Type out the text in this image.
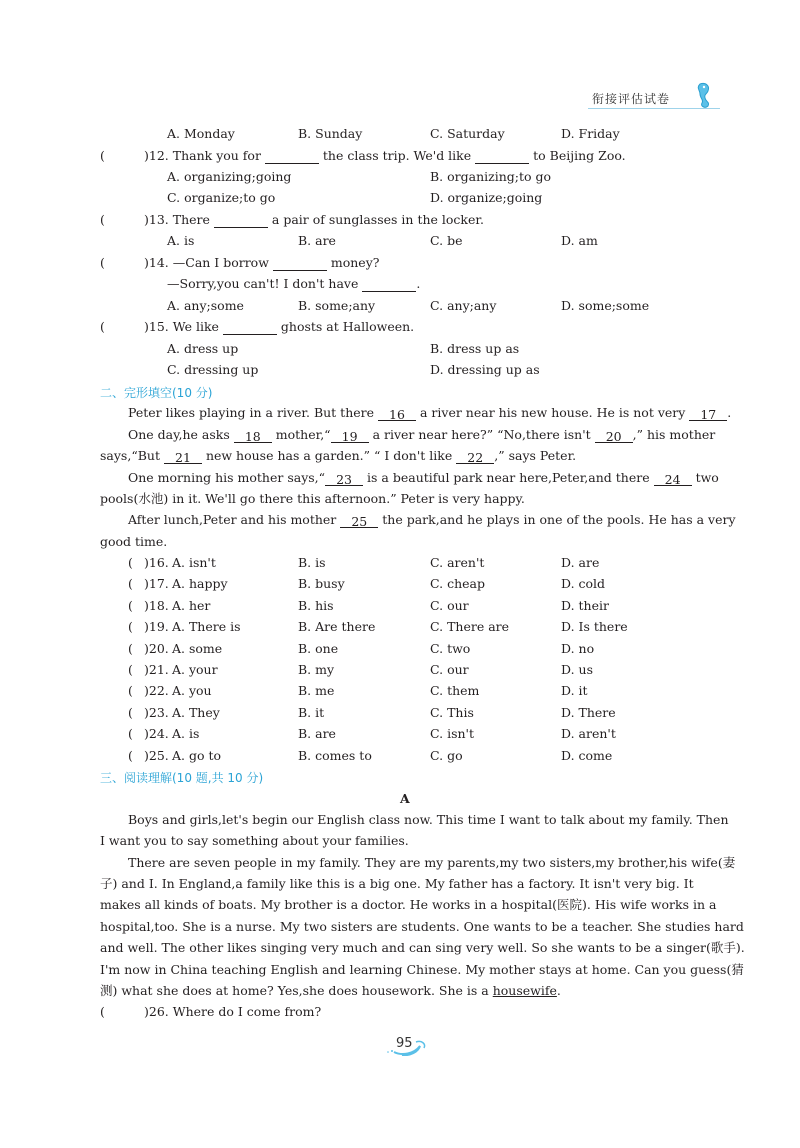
衔接评估试卷
A. Monday	B. Sunday	C. Saturday	D. Friday
(	)12. Thank you for	the class trip. We'd like	to Beijing Zoo.
A. organizing;going	B. organizing;to go
C. organize;to go	D. organize;going
(	)13. There	a pair of sunglasses in the locker.
A. is	B. are	C. be	D. am
(	)14. —Can I borrow	money?
—Sorry,you can't! I don't have	.
A. any;some	B. some;any	C. any;any	D. some;some
(	)15. We like	ghosts at Halloween.
A. dress up	B. dress up as
C. dressing up	D. dressing up as
二、完形填空(10 分)
Peter likes playing in a river. But there 16 a river near his new house. He is not very 17 .
One day,he asks 18 mother,“ 19 a river near here?” “No,there isn't 20 ,” his mother
says,“But 21 new house has a garden.” “ I don't like 22 ,” says Peter.
One morning his mother says,“ 23 is a beautiful park near here,Peter,and there 24 two
pools(水池) in it. We'll go there this afternoon.” Peter is very happy.
After lunch,Peter and his mother 25 the park,and he plays in one of the pools. He has a very
good time.
( )16. A. isn't	B. is	C. aren't	D. are
( )17. A. happy	B. busy	C. cheap	D. cold
( )18. A. her	B. his	C. our	D. their
( )19. A. There is	B. Are there	C. There are	D. Is there
( )20. A. some	B. one	C. two	D. no
( )21. A. your	B. my	C. our	D. us
( )22. A. you	B. me	C. them	D. it
( )23. A. They	B. it	C. This	D. There
( )24. A. is	B. are	C. isn't	D. aren't
( )25. A. go to	B. comes to	C. go	D. come
三、阅读理解(10 题,共 10 分)
A
Boys and girls,let's begin our English class now. This time I want to talk about my family. Then
I want you to say something about your families.
There are seven people in my family. They are my parents,my two sisters,my brother,his wife(妻
子) and I. In England,a family like this is a big one. My father has a factory. It isn't very big. It
makes all kinds of boats. My brother is a doctor. He works in a hospital(医院). His wife works in a
hospital,too. She is a nurse. My two sisters are students. One wants to be a teacher. She studies hard
and well. The other likes singing very much and can sing very well. So she wants to be a singer(歌手).
I'm now in China teaching English and learning Chinese. My mother stays at home. Can you guess(猜
测) what she does at home? Yes,she does housework. She is a housewife.
(	)26. Where do I come from?
95
